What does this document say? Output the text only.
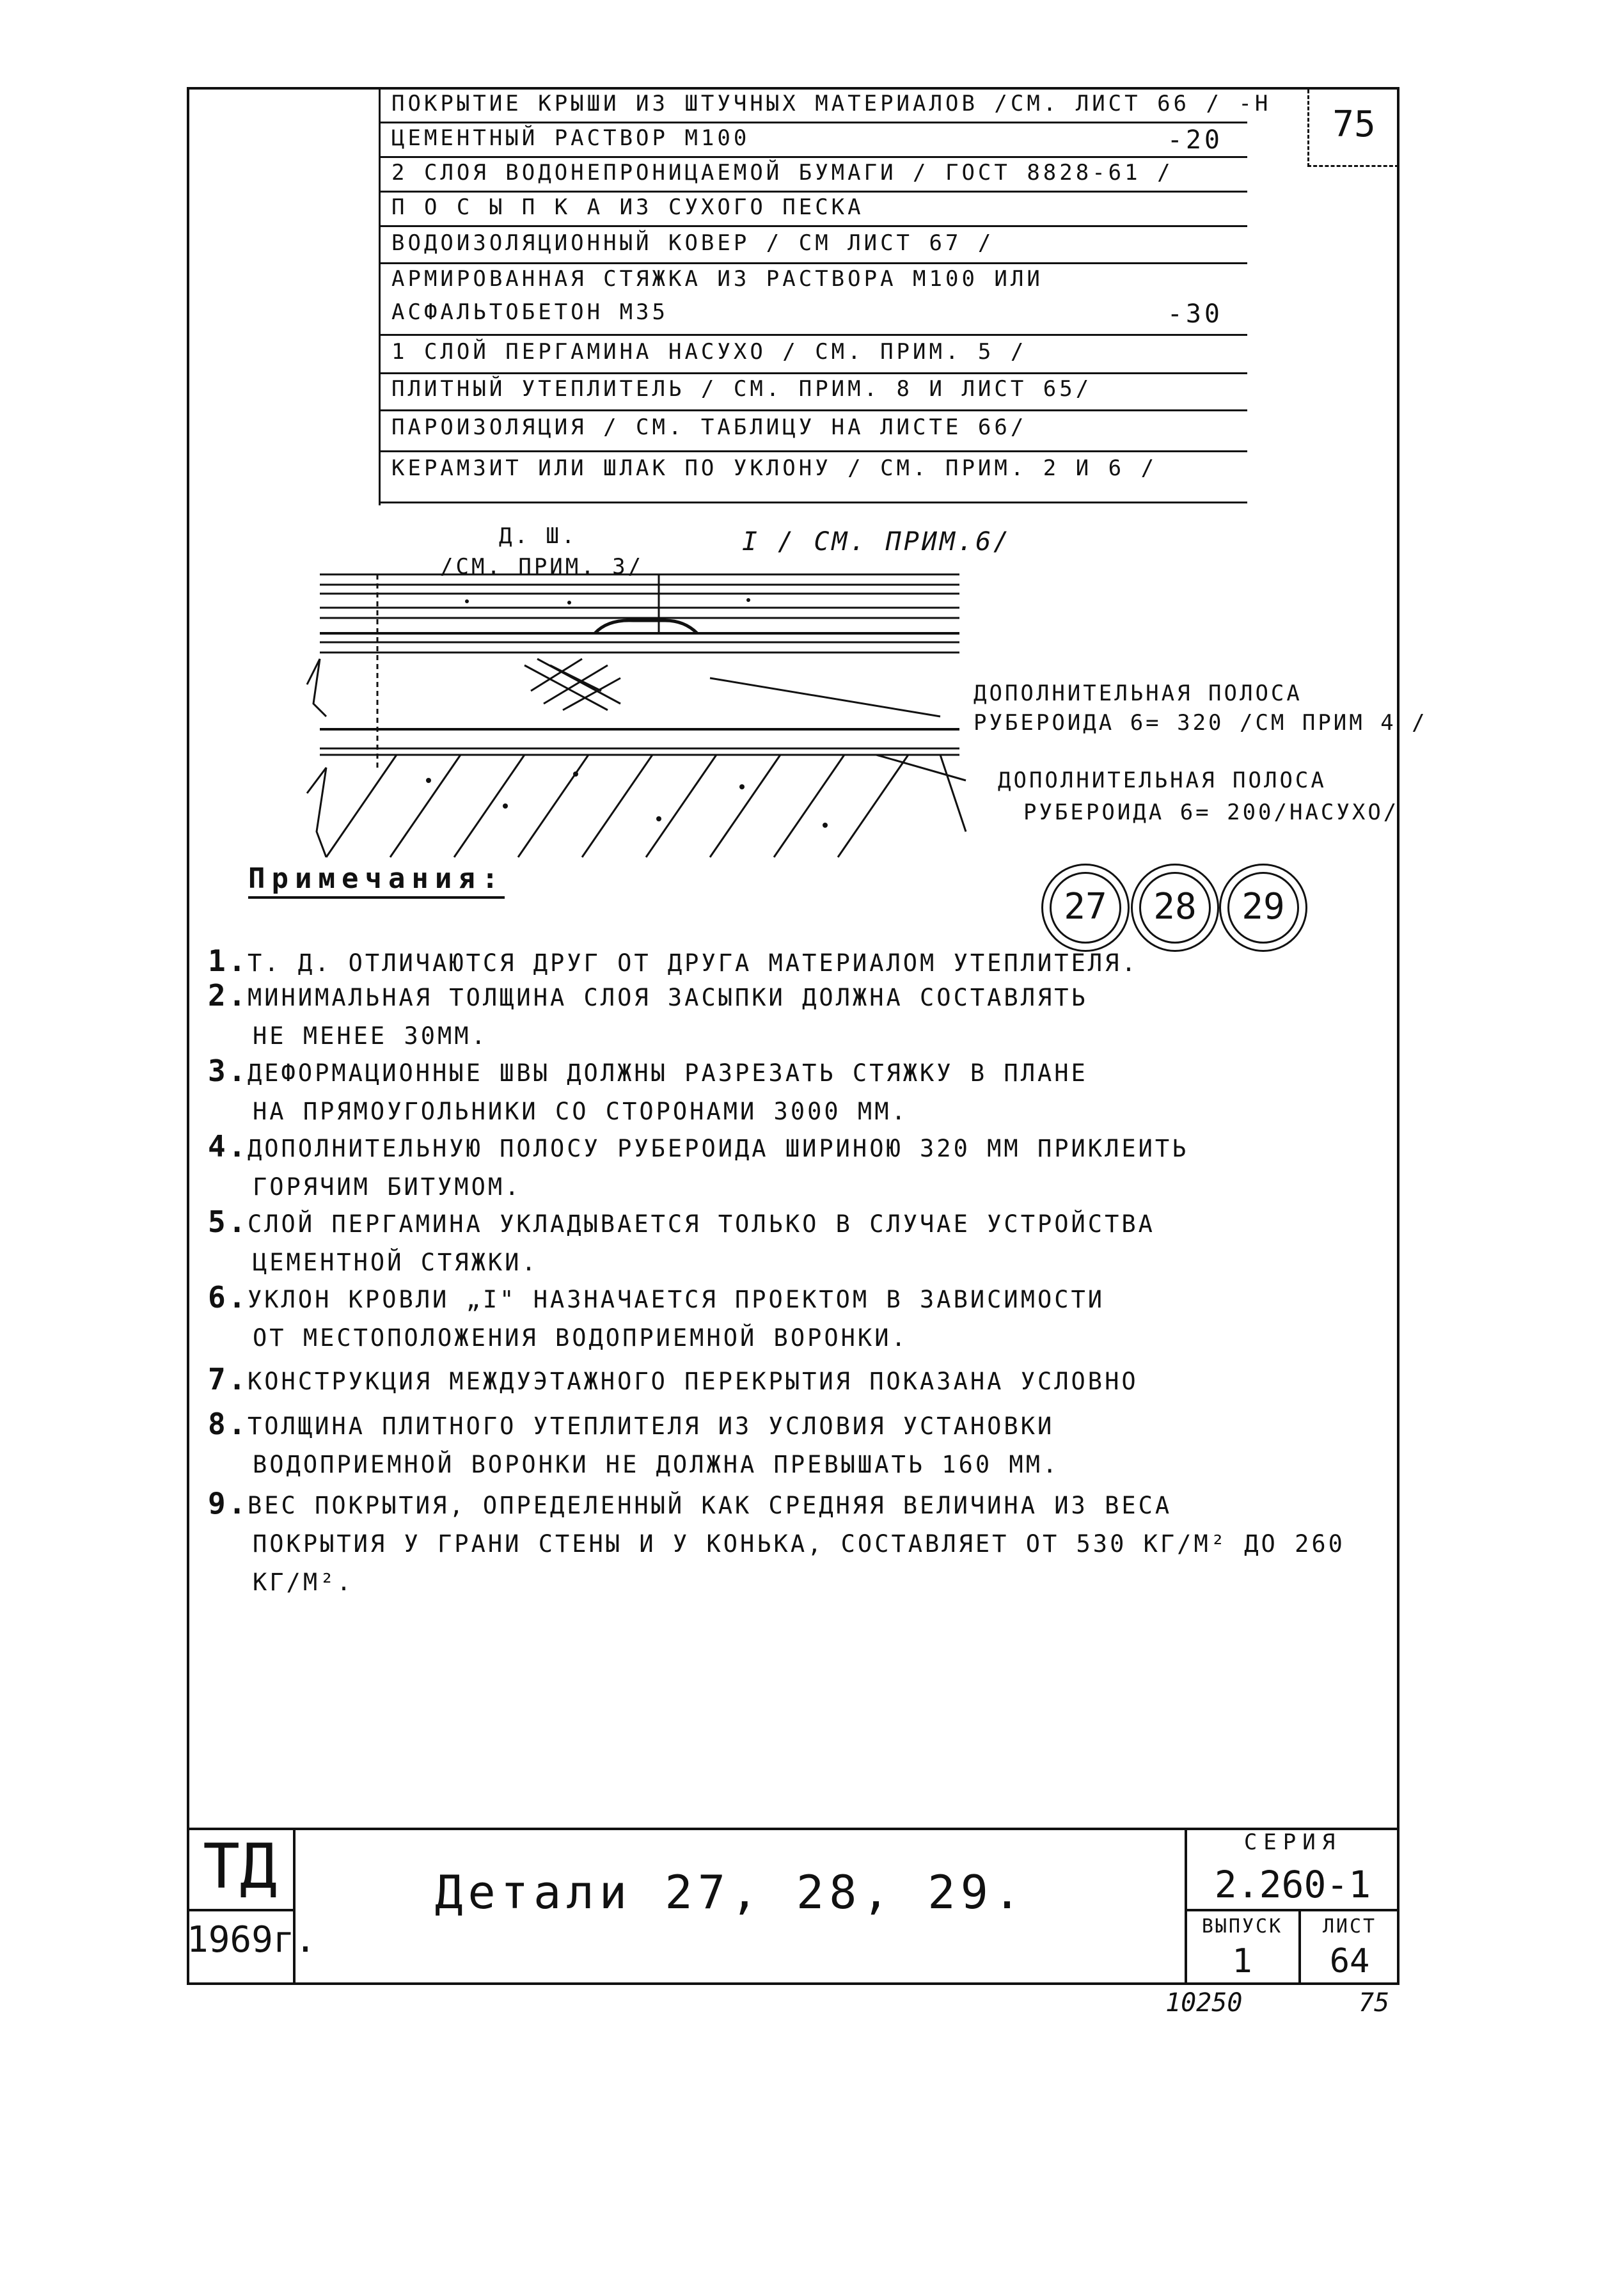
75
ПОКРЫТИЕ КРЫШИ ИЗ ШТУЧНЫХ МАТЕРИАЛОВ /СМ. ЛИСТ 66 / -H
ЦЕМЕНТНЫЙ РАСТВОР М100	-20
2 СЛОЯ ВОДОНЕПРОНИЦАЕМОЙ БУМАГИ / ГОСТ 8828-61 /
П О С Ы П К А ИЗ СУХОГО ПЕСКА
ВОДОИЗОЛЯЦИОННЫЙ КОВЕР / СМ ЛИСТ 67 /
АРМИРОВАННАЯ СТЯЖКА ИЗ РАСТВОРА М100 ИЛИ
АСФАЛЬТОБЕТОН М35	-30
1 СЛОЙ ПЕРГАМИНА НАСУХО / СМ. ПРИМ. 5 /
ПЛИТНЫЙ УТЕПЛИТЕЛЬ / СМ. ПРИМ. 8 И ЛИСТ 65/
ПАРОИЗОЛЯЦИЯ / СМ. ТАБЛИЦУ НА ЛИСТЕ 66/
КЕРАМЗИТ ИЛИ ШЛАК ПО УКЛОНУ / СМ. ПРИМ. 2 И 6 /
Д. Ш.
/СМ. ПРИМ. 3/
I / СМ. ПРИМ.6/
ДОПОЛНИТЕЛЬНАЯ ПОЛОСА
РУБЕРОИДА 6= 320 /СМ ПРИМ 4 /
ДОПОЛНИТЕЛЬНАЯ ПОЛОСА
РУБЕРОИДА 6= 200/НАСУХО/
Примечания:
27	28	29
1.Т. Д. ОТЛИЧАЮТСЯ ДРУГ ОТ ДРУГА МАТЕРИАЛОМ УТЕПЛИТЕЛЯ.
2.МИНИМАЛЬНАЯ ТОЛЩИНА СЛОЯ ЗАСЫПКИ ДОЛЖНА СОСТАВЛЯТЬ
НЕ МЕНЕЕ 30ММ.
3.ДЕФОРМАЦИОННЫЕ ШВЫ ДОЛЖНЫ РАЗРЕЗАТЬ СТЯЖКУ В ПЛАНЕ
НА ПРЯМОУГОЛЬНИКИ СО СТОРОНАМИ 3000 ММ.
4.ДОПОЛНИТЕЛЬНУЮ ПОЛОСУ РУБЕРОИДА ШИРИНОЮ 320 ММ ПРИКЛЕИТЬ
ГОРЯЧИМ БИТУМОМ.
5.СЛОЙ ПЕРГАМИНА УКЛАДЫВАЕТСЯ ТОЛЬКО В СЛУЧАЕ УСТРОЙСТВА
ЦЕМЕНТНОЙ СТЯЖКИ.
6.УКЛОН КРОВЛИ „I" НАЗНАЧАЕТСЯ ПРОЕКТОМ В ЗАВИСИМОСТИ
ОТ МЕСТОПОЛОЖЕНИЯ ВОДОПРИЕМНОЙ ВОРОНКИ.
7.КОНСТРУКЦИЯ МЕЖДУЭТАЖНОГО ПЕРЕКРЫТИЯ ПОКАЗАНА УСЛОВНО
8.ТОЛЩИНА ПЛИТНОГО УТЕПЛИТЕЛЯ ИЗ УСЛОВИЯ УСТАНОВКИ
ВОДОПРИЕМНОЙ ВОРОНКИ НЕ ДОЛЖНА ПРЕВЫШАТЬ 160 ММ.
9.ВЕС ПОКРЫТИЯ, ОПРЕДЕЛЕННЫЙ КАК СРЕДНЯЯ ВЕЛИЧИНА ИЗ ВЕСА
ПОКРЫТИЯ У ГРАНИ СТЕНЫ И У КОНЬКА, СОСТАВЛЯЕТ ОТ 530 КГ/М² ДО 260 КГ/М².
ТД
1969г.
Детали 27, 28, 29.
СЕРИЯ
2.260-1
ВЫПУСК
1
ЛИСТ
64
10250	75
